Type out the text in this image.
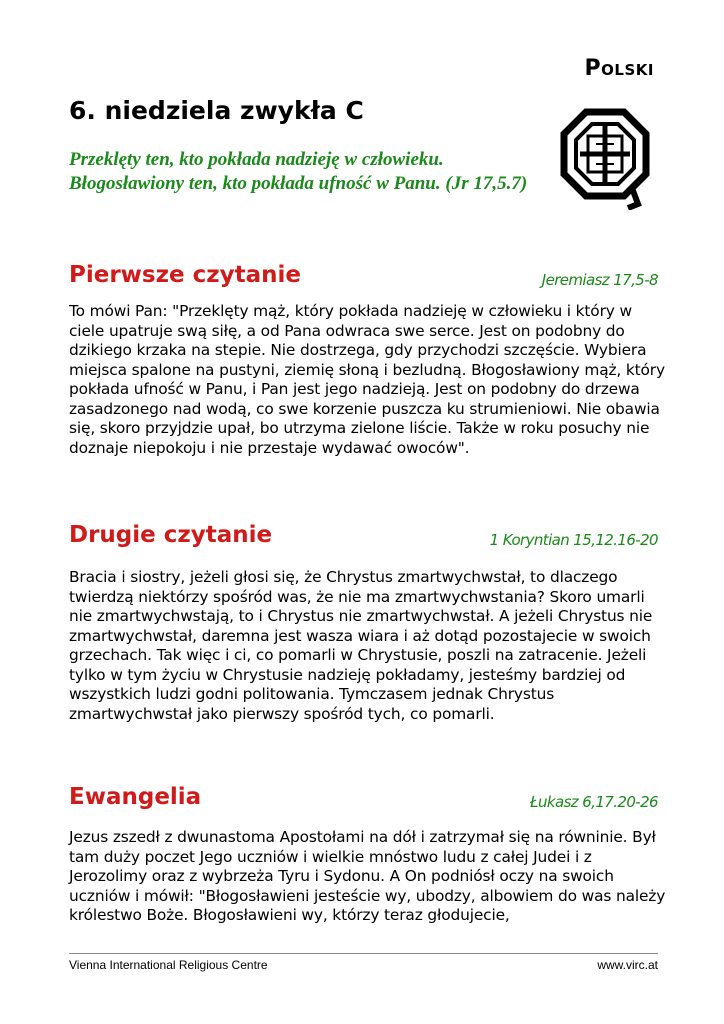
Polski
6. niedziela zwykła C
Przeklęty ten, kto pokłada nadzieję w człowieku. Błogosławiony ten, kto pokłada ufność w Panu. (Jr 17,5.7)
Pierwsze czytanie	Jeremiasz 17,5-8
To mówi Pan: "Przeklęty mąż, który pokłada nadzieję w człowieku i który w ciele upatruje swą siłę, a od Pana odwraca swe serce. Jest on podobny do dzikiego krzaka na stepie. Nie dostrzega, gdy przychodzi szczęście. Wybiera miejsca spalone na pustyni, ziemię słoną i bezludną. Błogosławiony mąż, który pokłada ufność w Panu, i Pan jest jego nadzieją. Jest on podobny do drzewa zasadzonego nad wodą, co swe korzenie puszcza ku strumieniowi. Nie obawia się, skoro przyjdzie upał, bo utrzyma zielone liście. Także w roku posuchy nie doznaje niepokoju i nie przestaje wydawać owoców".
Drugie czytanie	1 Koryntian 15,12.16-20
Bracia i siostry, jeżeli głosi się, że Chrystus zmartwychwstał, to dlaczego twierdzą niektórzy spośród was, że nie ma zmartwychwstania? Skoro umarli nie zmartwychwstają, to i Chrystus nie zmartwychwstał. A jeżeli Chrystus nie zmartwychwstał, daremna jest wasza wiara i aż dotąd pozostajecie w swoich grzechach. Tak więc i ci, co pomarli w Chrystusie, poszli na zatracenie. Jeżeli tylko w tym życiu w Chrystusie nadzieję pokładamy, jesteśmy bardziej od wszystkich ludzi godni politowania. Tymczasem jednak Chrystus zmartwychwstał jako pierwszy spośród tych, co pomarli.
Ewangelia	Łukasz 6,17.20-26
Jezus zszedł z dwunastoma Apostołami na dół i zatrzymał się na równinie. Był tam duży poczet Jego uczniów i wielkie mnóstwo ludu z całej Judei i z Jerozolimy oraz z wybrzeża Tyru i Sydonu. A On podniósł oczy na swoich uczniów i mówił: "Błogosławieni jesteście wy, ubodzy, albowiem do was należy królestwo Boże. Błogosławieni wy, którzy teraz głodujecie,
Vienna International Religious Centre	www.virc.at
